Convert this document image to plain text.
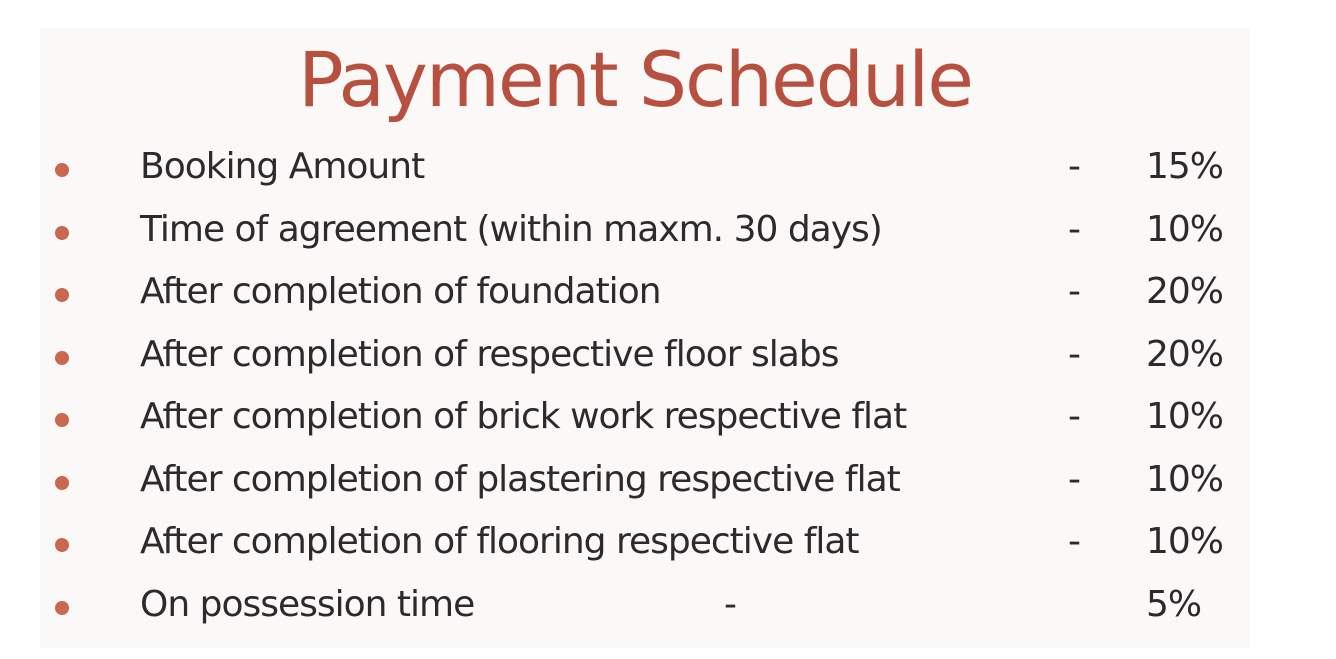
Payment Schedule
Booking Amount	- 15%
Time of agreement (within maxm. 30 days)	- 10%
After completion of foundation	- 20%
After completion of respective floor slabs	- 20%
After completion of brick work respective flat	- 10%
After completion of plastering respective flat	- 10%
After completion of flooring respective flat	- 10%
On possession time	-	5%
